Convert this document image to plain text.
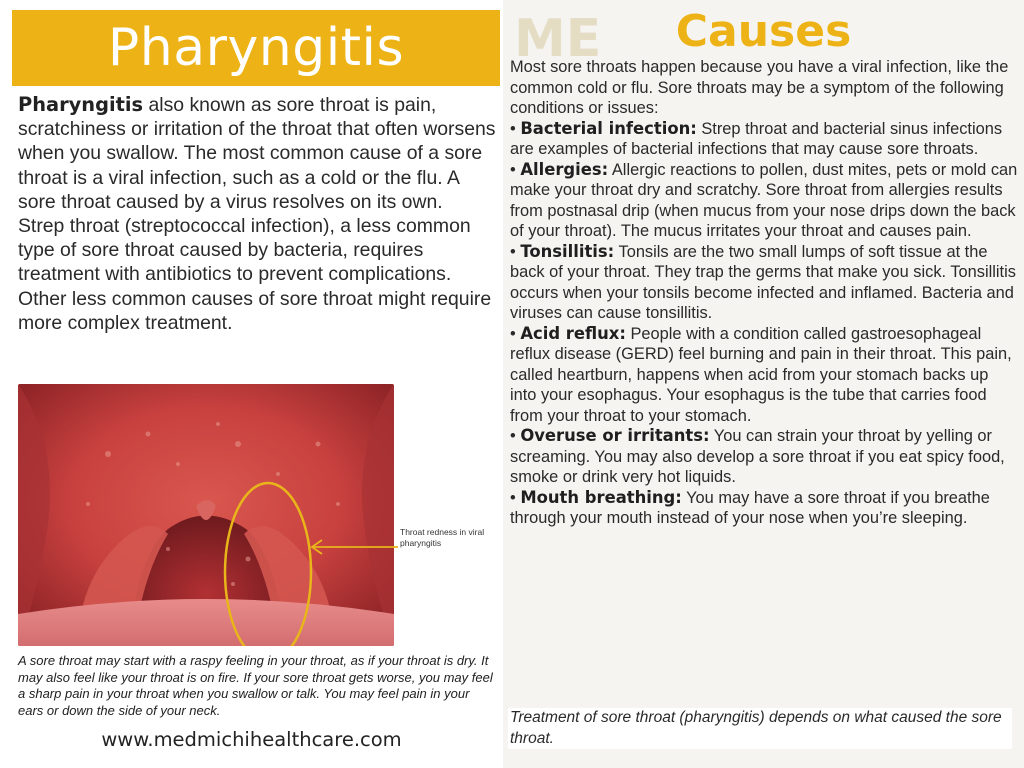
Pharyngitis

Pharyngitis also known as sore throat is pain, scratchiness or irritation of the throat that often worsens when you swallow. The most common cause of a sore throat is a viral infection, such as a cold or the flu. A sore throat caused by a virus resolves on its own.

Strep throat (streptococcal infection), a less common type of sore throat caused by bacteria, requires treatment with antibiotics to prevent complications. Other less common causes of sore throat might require more complex treatment.

Throat redness in viral pharyngitis
A sore throat may start with a raspy feeling in your throat, as if your throat is dry. It may also feel like your throat is on fire. If your sore throat gets worse, you may feel a sharp pain in your throat when you swallow or talk. You may feel pain in your ears or down the side of your neck.
www.medmichihealthcare.com
ME	Causes

Most sore throats happen because you have a viral infection, like the common cold or flu. Sore throats may be a symptom of the following conditions or issues:

• Bacterial infection: Strep throat and bacterial sinus infections are examples of bacterial infections that may cause sore throats.

• Allergies: Allergic reactions to pollen, dust mites, pets or mold can make your throat dry and scratchy. Sore throat from allergies results from postnasal drip (when mucus from your nose drips down the back of your throat). The mucus irritates your throat and causes pain.

• Tonsillitis: Tonsils are the two small lumps of soft tissue at the back of your throat. They trap the germs that make you sick. Tonsillitis occurs when your tonsils become infected and inflamed. Bacteria and viruses can cause tonsillitis.

• Acid reflux: People with a condition called gastroesophageal reflux disease (GERD) feel burning and pain in their throat. This pain, called heartburn, happens when acid from your stomach backs up into your esophagus. Your esophagus is the tube that carries food from your throat to your stomach.

• Overuse or irritants: You can strain your throat by yelling or screaming. You may also develop a sore throat if you eat spicy food, smoke or drink very hot liquids.

• Mouth breathing: You may have a sore throat if you breathe through your mouth instead of your nose when you’re sleeping.

Treatment of sore throat (pharyngitis) depends on what caused the sore throat.
